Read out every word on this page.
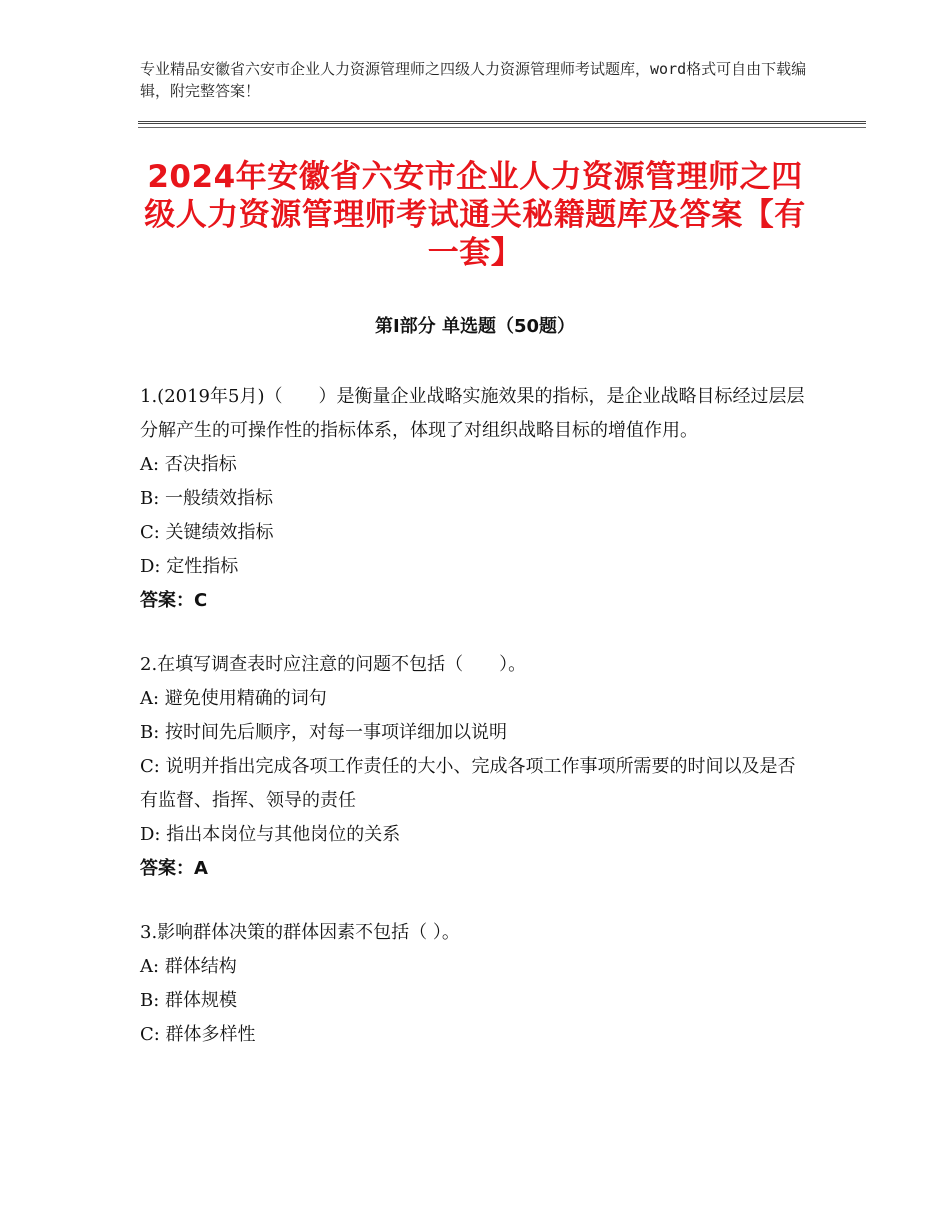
专业精品安徽省六安市企业人力资源管理师之四级人力资源管理师考试题库，word格式可自由下载编辑，附完整答案！
2024年安徽省六安市企业人力资源管理师之四级人力资源管理师考试通关秘籍题库及答案【有一套】
第Ⅰ部分 单选题（50题）

1.(2019年5月)（　　）是衡量企业战略实施效果的指标，是企业战略目标经过层层分解产生的可操作性的指标体系，体现了对组织战略目标的增值作用。

A: 否决指标

B: 一般绩效指标

C: 关键绩效指标

D: 定性指标

答案：C

2.在填写调查表时应注意的问题不包括（　　）。

A: 避免使用精确的词句

B: 按时间先后顺序，对每一事项详细加以说明

C: 说明并指出完成各项工作责任的大小、完成各项工作事项所需要的时间以及是否有监督、指挥、领导的责任

D: 指出本岗位与其他岗位的关系

答案：A

3.影响群体决策的群体因素不包括（ ）。

A: 群体结构

B: 群体规模

C: 群体多样性
